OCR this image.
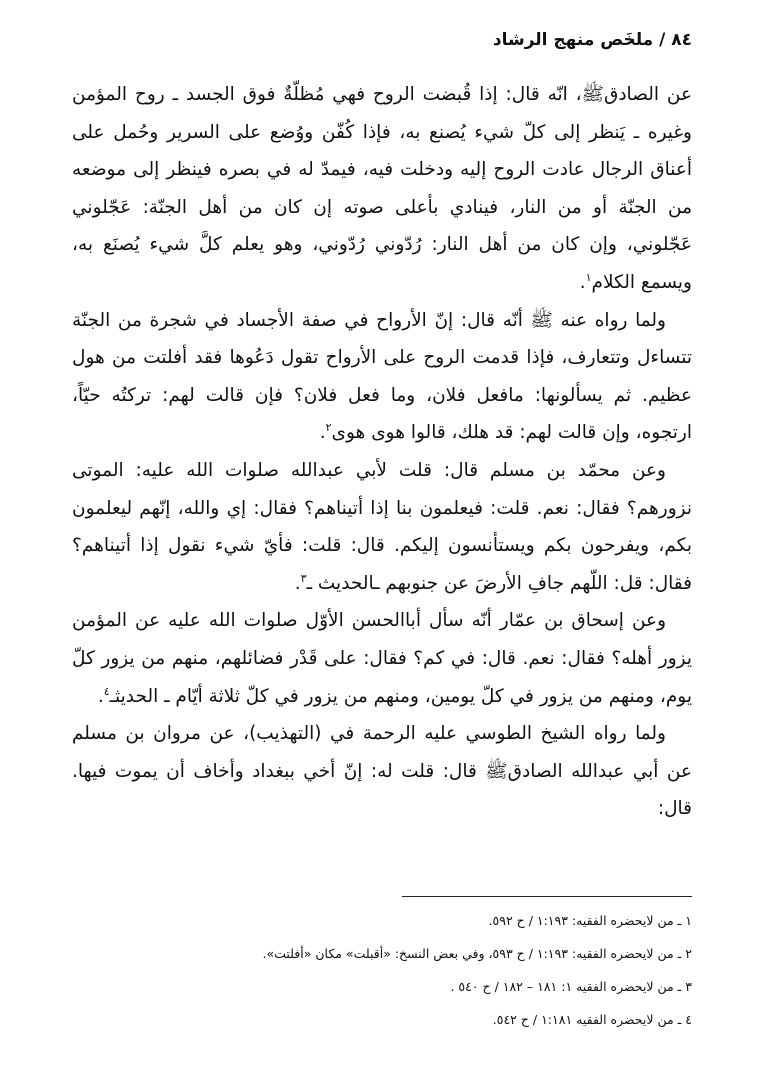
٨٤ / ملخَص منهج الرشاد

عن الصادقﷺ، انّه قال: إذا قُبضت الروح فهي مُظلّةٌ فوق الجسد ـ روح المؤمن وغيره ـ يَنظر إلى كلّ شيء يُصنع به، فإذا كُفّن ووُضع على السرير وحُمل على أعناق الرجال عادت الروح إليه ودخلت فيه، فيمدّ له في بصره فينظر إلى موضعه من الجنّة أو من النار، فينادي بأعلى صوته إن كان من أهل الجنّة: عَجّلوني عَجّلوني، وإن كان من أهل النار: رُدّوني رُدّوني، وهو يعلم كلَّ شيء يُصنَع به، ويسمع الكلام$^١$.

ولما رواه عنه ﷺ أنّه قال: إنّ الأرواح في صفة الأجساد في شجرة من الجنّة تتساءل وتتعارف، فإذا قدمت الروح على الأرواح تقول دَعُوها فقد أفلتت من هول عظيم. ثم يسألونها: مافعل فلان، وما فعل فلان؟ فإن قالت لهم: تركتُه حيّاً، ارتجوه، وإن قالت لهم: قد هلك، قالوا هوى هوى$^٢$.

وعن محمّد بن مسلم قال: قلت لأبي عبدالله صلوات الله عليه: الموتى نزورهم؟ فقال: نعم. قلت: فيعلمون بنا إذا أتيناهم؟ فقال: إي والله، إنّهم ليعلمون بكم، ويفرحون بكم ويستأنسون إليكم. قال: قلت: فأيّ شيء نقول إذا أتيناهم؟ فقال: قل: اللّهم جافِ الأرضَ عن جنوبهم ـالحديث ـ$^٣$.

وعن إسحاق بن عمّار أنّه سأل أباالحسن الأوّل صلوات الله عليه عن المؤمن يزور أهله؟ فقال: نعم. قال: في كم؟ فقال: على قَدْر فضائلهم، منهم من يزور كلّ يوم، ومنهم من يزور في كلّ يومين، ومنهم من يزور في كلّ ثلاثة أيّام ـ الحديثـ$^٤$.

ولما رواه الشيخ الطوسي عليه الرحمة في (التهذيب)، عن مروان بن مسلم عن أبي عبدالله الصادقﷺ قال: قلت له: إنّ أخي ببغداد وأخاف أن يموت فيها. قال:

١ ـ من لايحضره الفقيه: ١:١٩٣ / ح ٥٩٢.
٢ ـ من لايحضره الفقيه: ١:١٩٣ / ح ٥٩٣، وفي بعض النسخ: «أقبلت» مكان «أفلتت».
٣ ـ من لايحضره الفقيه ١: ١٨١ – ١٨٢ / ح ٥٤٠ .
٤ ـ من لايحضره الفقيه ١:١٨١ / ح ٥٤٢.
